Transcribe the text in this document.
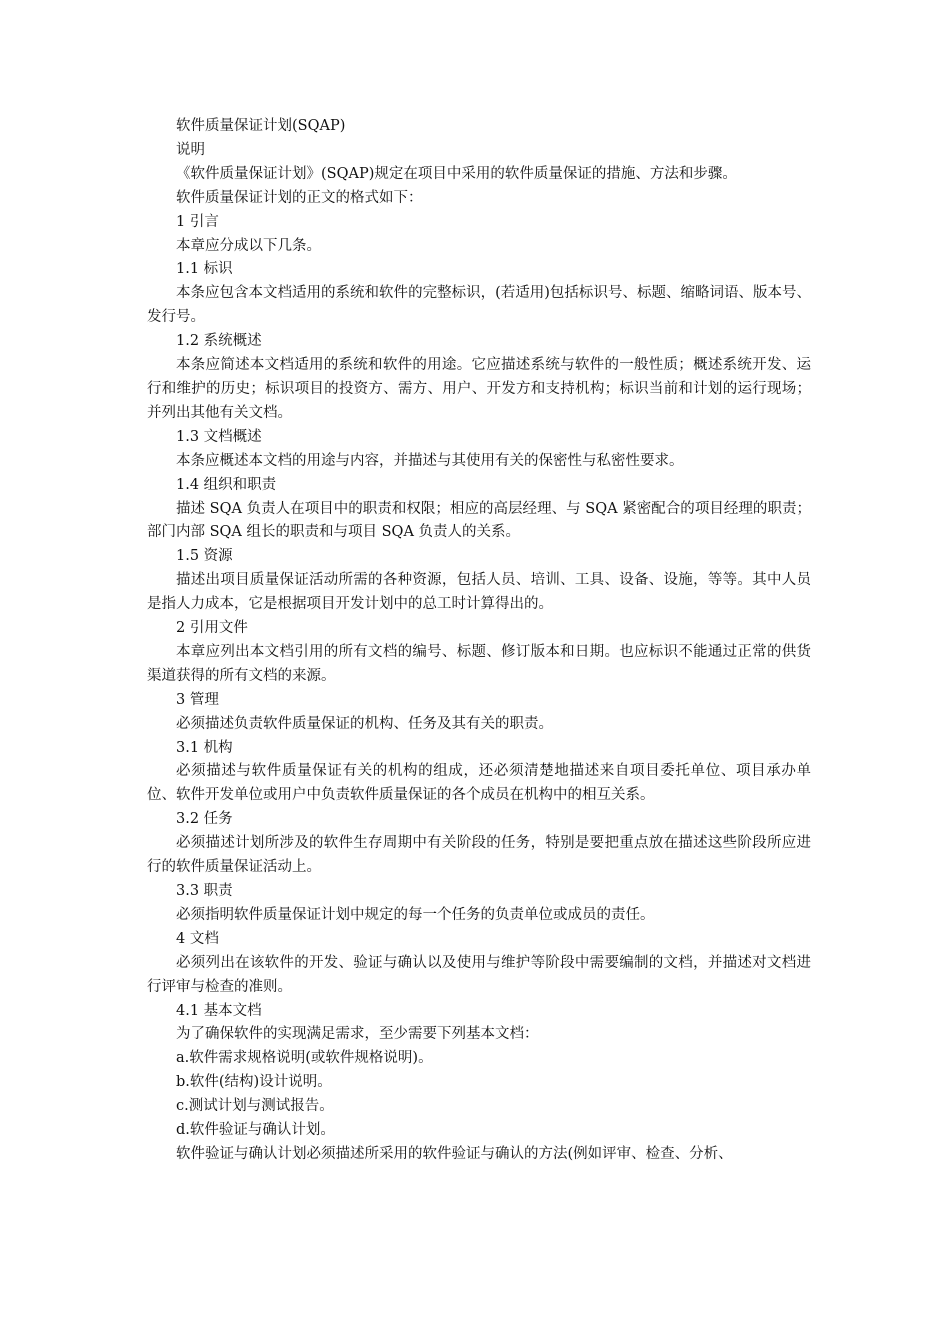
软件质量保证计划(SQAP)

说明

《软件质量保证计划》(SQAP)规定在项目中采用的软件质量保证的措施、方法和步骤。

软件质量保证计划的正文的格式如下：

1 引言

本章应分成以下几条。

1.1 标识

本条应包含本文档适用的系统和软件的完整标识，(若适用)包括标识号、标题、缩略词语、版本号、发行号。

1.2 系统概述

本条应简述本文档适用的系统和软件的用途。它应描述系统与软件的一般性质；概述系统开发、运行和维护的历史；标识项目的投资方、需方、用户、开发方和支持机构；标识当前和计划的运行现场；并列出其他有关文档。

1.3 文档概述

本条应概述本文档的用途与内容，并描述与其使用有关的保密性与私密性要求。

1.4 组织和职责

描述 SQA 负责人在项目中的职责和权限；相应的高层经理、与 SQA 紧密配合的项目经理的职责；部门内部 SQA 组长的职责和与项目 SQA 负责人的关系。

1.5 资源

描述出项目质量保证活动所需的各种资源，包括人员、培训、工具、设备、设施，等等。其中人员是指人力成本，它是根据项目开发计划中的总工时计算得出的。

2 引用文件

本章应列出本文档引用的所有文档的编号、标题、修订版本和日期。也应标识不能通过正常的供货渠道获得的所有文档的来源。

3 管理

必须描述负责软件质量保证的机构、任务及其有关的职责。

3.1 机构

必须描述与软件质量保证有关的机构的组成，还必须清楚地描述来自项目委托单位、项目承办单位、软件开发单位或用户中负责软件质量保证的各个成员在机构中的相互关系。

3.2 任务

必须描述计划所涉及的软件生存周期中有关阶段的任务，特别是要把重点放在描述这些阶段所应进行的软件质量保证活动上。

3.3 职责

必须指明软件质量保证计划中规定的每一个任务的负责单位或成员的责任。

4 文档

必须列出在该软件的开发、验证与确认以及使用与维护等阶段中需要编制的文档，并描述对文档进行评审与检查的准则。

4.1 基本文档

为了确保软件的实现满足需求，至少需要下列基本文档：

a.软件需求规格说明(或软件规格说明)。

b.软件(结构)设计说明。

c.测试计划与测试报告。

d.软件验证与确认计划。

软件验证与确认计划必须描述所采用的软件验证与确认的方法(例如评审、检查、分析、
